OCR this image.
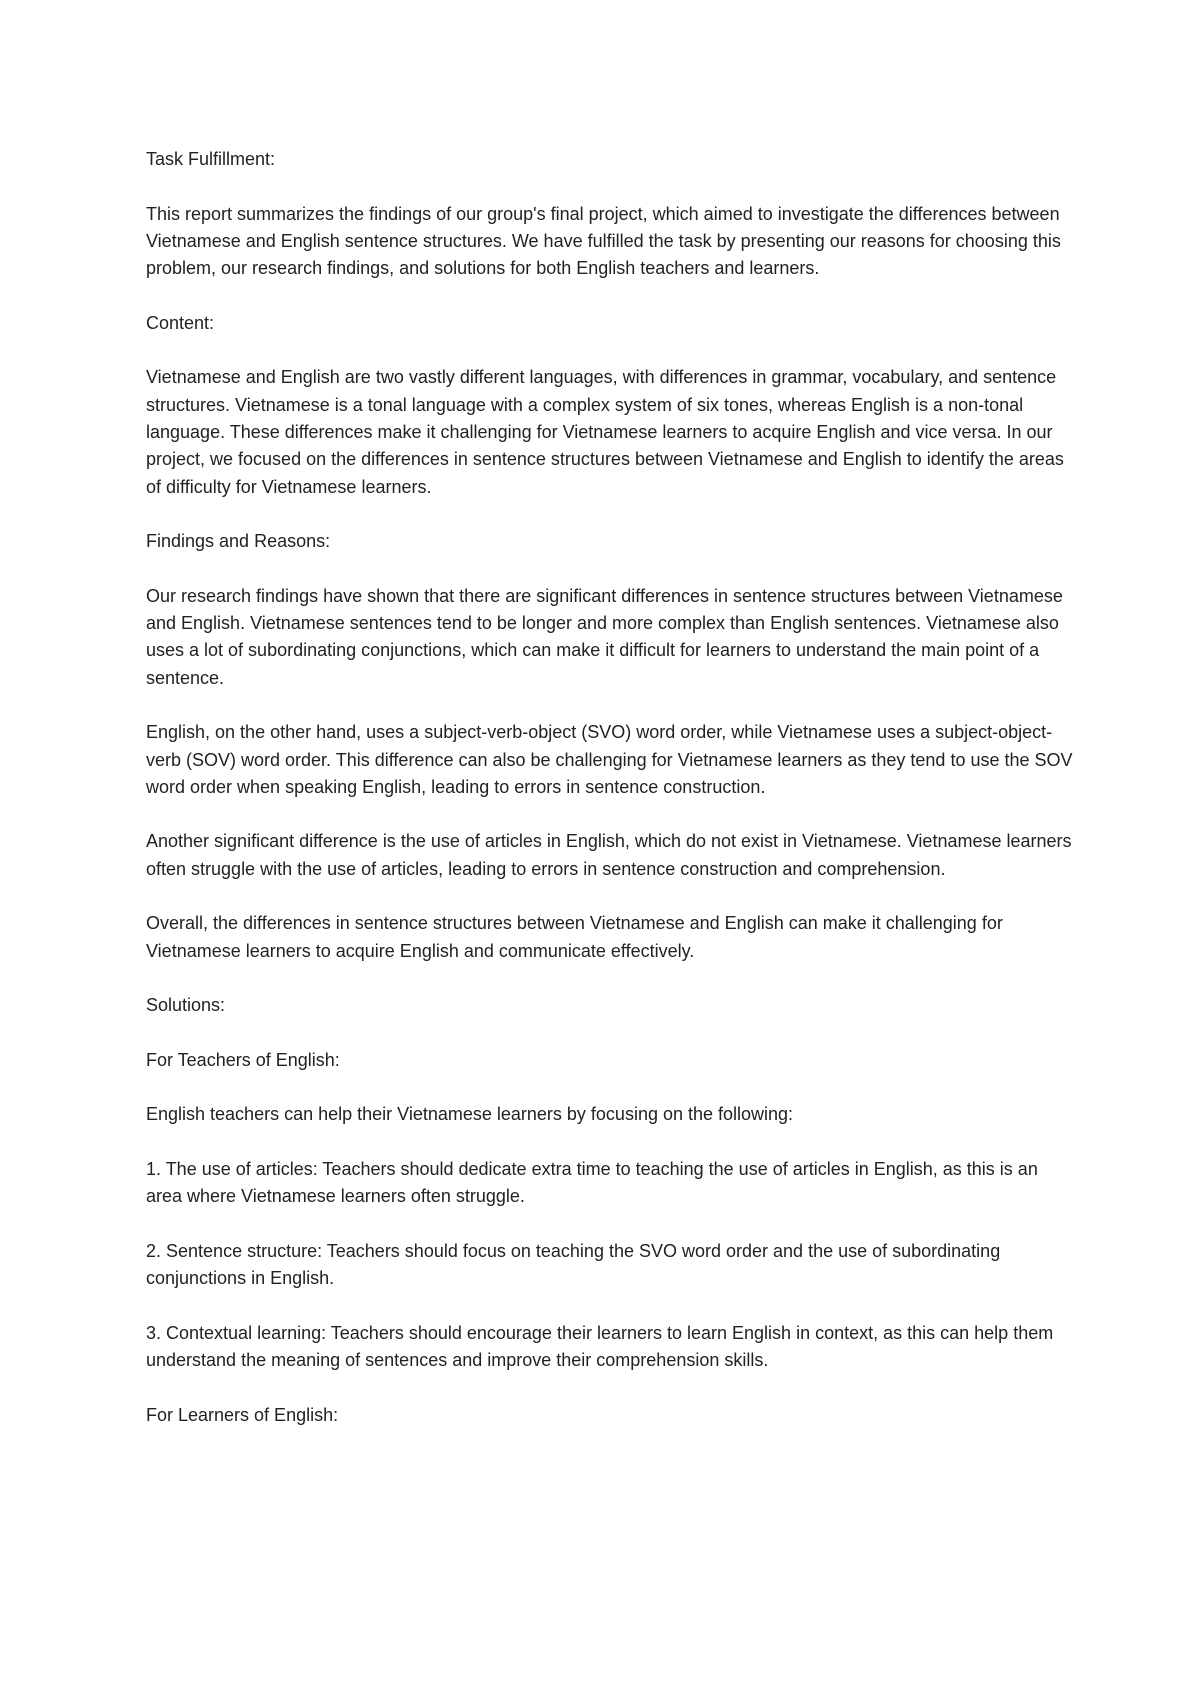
Task Fulfillment:

This report summarizes the findings of our group's final project, which aimed to investigate the differences between Vietnamese and English sentence structures. We have fulfilled the task by presenting our reasons for choosing this problem, our research findings, and solutions for both English teachers and learners.

Content:

Vietnamese and English are two vastly different languages, with differences in grammar, vocabulary, and sentence structures. Vietnamese is a tonal language with a complex system of six tones, whereas English is a non-tonal language. These differences make it challenging for Vietnamese learners to acquire English and vice versa. In our project, we focused on the differences in sentence structures between Vietnamese and English to identify the areas of difficulty for Vietnamese learners.

Findings and Reasons:

Our research findings have shown that there are significant differences in sentence structures between Vietnamese and English. Vietnamese sentences tend to be longer and more complex than English sentences. Vietnamese also uses a lot of subordinating conjunctions, which can make it difficult for learners to understand the main point of a sentence.

English, on the other hand, uses a subject-verb-object (SVO) word order, while Vietnamese uses a subject-object-verb (SOV) word order. This difference can also be challenging for Vietnamese learners as they tend to use the SOV word order when speaking English, leading to errors in sentence construction.

Another significant difference is the use of articles in English, which do not exist in Vietnamese. Vietnamese learners often struggle with the use of articles, leading to errors in sentence construction and comprehension.

Overall, the differences in sentence structures between Vietnamese and English can make it challenging for Vietnamese learners to acquire English and communicate effectively.

Solutions:

For Teachers of English:

English teachers can help their Vietnamese learners by focusing on the following:

1. The use of articles: Teachers should dedicate extra time to teaching the use of articles in English, as this is an area where Vietnamese learners often struggle.

2. Sentence structure: Teachers should focus on teaching the SVO word order and the use of subordinating conjunctions in English.

3. Contextual learning: Teachers should encourage their learners to learn English in context, as this can help them understand the meaning of sentences and improve their comprehension skills.

For Learners of English:
